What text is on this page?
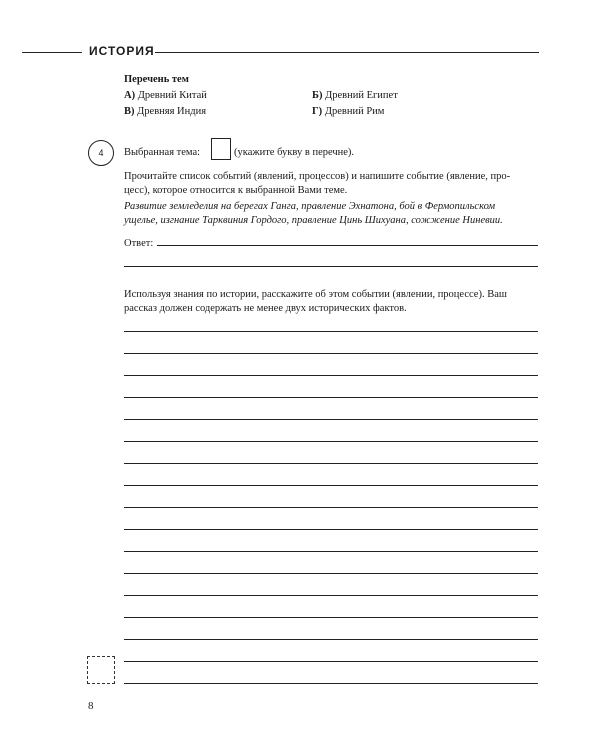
ИСТОРИЯ
Перечень тем
А) Древний Китай	Б) Древний Египет
В) Древняя Индия	Г) Древний Рим
4 Выбранная тема:	(укажите букву в перечне).
Прочитайте список событий (явлений, процессов) и напишите событие (явление, про-
цесс), которое относится к выбранной Вами теме.
Развитие земледелия на берегах Ганга, правление Эхнатона, бой в Фермопильском
ущелье, изгнание Тарквиния Гордого, правление Цинь Шихуана, сожжение Ниневии.
Ответ:
Используя знания по истории, расскажите об этом событии (явлении, процессе). Ваш
рассказ должен содержать не менее двух исторических фактов.
8
